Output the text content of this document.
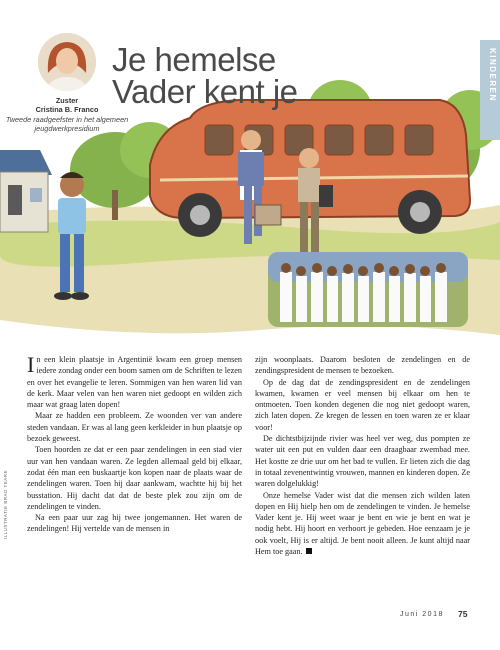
Zuster
Cristina B. Franco
Tweede raadgeefster in het algemeen jeugdwerkpresidium
Je hemelse Vader kent je	KINDEREN
ILLUSTRATIE BRAD TEARE

In een klein plaatsje in Argentinië kwam een groep mensen iedere zondag onder een boom samen om de Schriften te lezen en over het evangelie te leren. Sommigen van hen waren lid van de kerk. Maar velen van hen waren niet gedoopt en wilden zich maar wat graag laten dopen!

Maar ze hadden een probleem. Ze woonden ver van andere steden vandaan. Er was al lang geen kerkleider in hun plaatsje op bezoek geweest.

Toen hoorden ze dat er een paar zendelingen in een stad vier uur van hen vandaan waren. Ze legden allemaal geld bij elkaar, zodat één man een buskaartje kon kopen naar de plaats waar de zendelingen waren. Toen hij daar aankwam, wachtte hij bij het busstation. Hij dacht dat dat de beste plek zou zijn om de zendelingen te vinden.

Na een paar uur zag hij twee jongemannen. Het waren de zendelingen! Hij vertelde van de mensen in

zijn woonplaats. Daarom besloten de zendelingen en de zendingspresident de mensen te bezoeken.

Op de dag dat de zendingspresident en de zendelingen kwamen, kwamen er veel mensen bij elkaar om hen te ontmoeten. Toen konden degenen die nog niet gedoopt waren, zich laten dopen. Ze kregen de lessen en toen waren ze er klaar voor!

De dichtstbijzijnde rivier was heel ver weg, dus pompten ze water uit een put en vulden daar een draagbaar zwembad mee. Het kostte ze drie uur om het bad te vullen. Er lieten zich die dag in totaal zevenentwintig vrouwen, mannen en kinderen dopen. Ze waren dolgelukkig!

Onze hemelse Vader wist dat die mensen zich wilden laten dopen en Hij hielp hen om de zendelingen te vinden. Je hemelse Vader kent je. Hij weet waar je bent en wie je bent en wat je nodig hebt. Hij hoort en verhoort je gebeden. Hoe eenzaam je je ook voelt, Hij is er altijd. Je bent nooit alleen. Je kunt altijd naar Hem toe gaan.

Juni 2018 75
